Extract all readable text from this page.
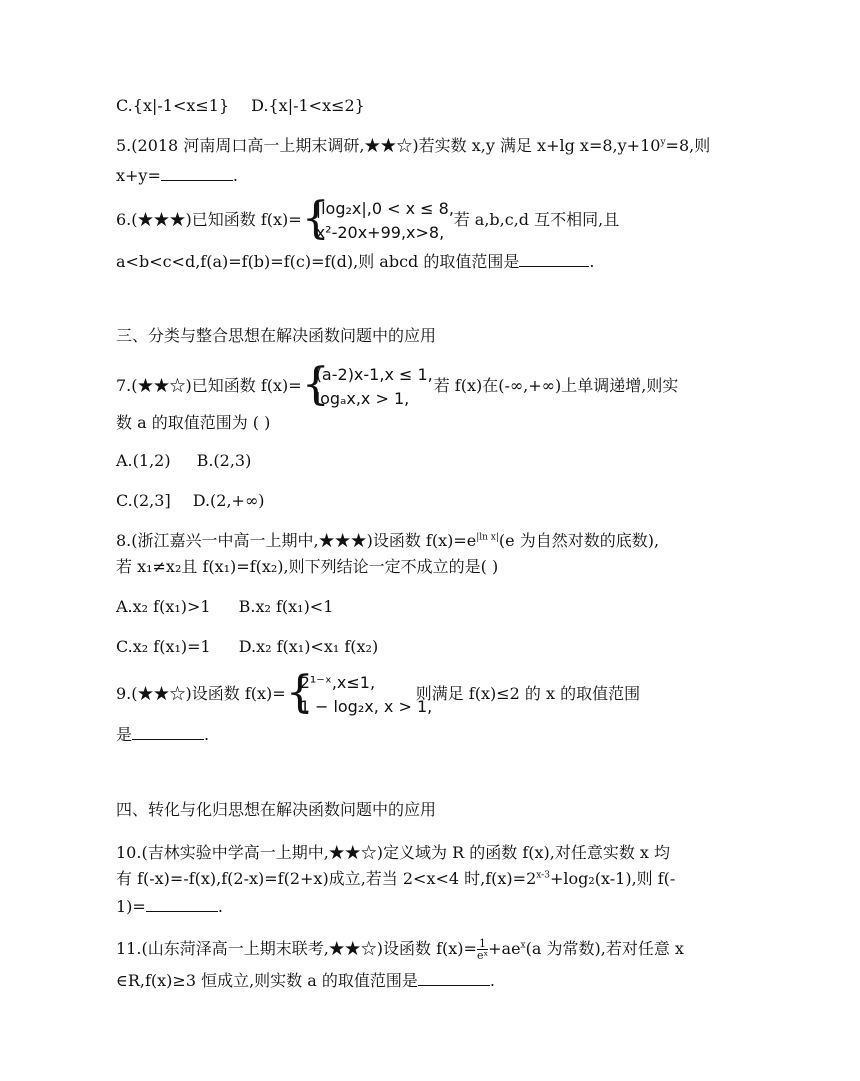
C.{x|-1<x≤1} D.{x|-1<x≤2}
5.(2018 河南周口高一上期末调研,★★☆)若实数 x,y 满足 x+lg $x=8,y+10^y=8$,则
x+y=	.
6.(★★★)已知函数 f(x)= {
|log₂x|,0 < x ≤ 8,
x²-20x+99,x>8,
若 a,b,c,d 互不相同,且
a<b<c<d,f(a)=f(b)=f(c)=f(d),则 abcd 的取值范围是	.
三、分类与整合思想在解决函数问题中的应用
7.(★★☆)已知函数 f(x)= {
(a-2)x-1,x ≤ 1,
logₐx,x > 1,
若 f(x)在(-∞,+∞)上单调递增,则实
数 a 的取值范围为 ( )
A.(1,2) B.(2,3)
C.(2,3] D.(2,+∞)
8.(浙江嘉兴一中高一上期中,★★★)设函数 $f(x)=e^{|ln x|}(e$ 为自然对数的底数),
若 x₁≠x₂且 f(x₁)=f(x₂),则下列结论一定不成立的是( )
A.x₂ f(x₁)>1 B.x₂ f(x₁)<1
C.x₂ f(x₁)=1 D.x₂ f(x₁)<x₁ f(x₂)
9.(★★☆)设函数 f(x)= {
2¹⁻ˣ,x≤1,
1 − log₂x, x > 1,
则满足 f(x)≤2 的 x 的取值范围
是	.
四、转化与化归思想在解决函数问题中的应用
10.(吉林实验中学高一上期中,★★☆)定义域为 R 的函数 f(x),对任意实数 x 均
有 f(-x)=-f(x),f(2-x)=f(2+x)成立,若当 2<x<4 时$,f(x)=2^{x-3}+\log_2(x-1)$,则 f(-
1)=	.
11.(山东菏泽高一上期末联考,★★☆)设函数 $f(x)= \frac{1}{\text{eˣ}} +ae^x(a$ 为常数),若对任意 x
∈R,f(x)≥3 恒成立,则实数 a 的取值范围是	.
